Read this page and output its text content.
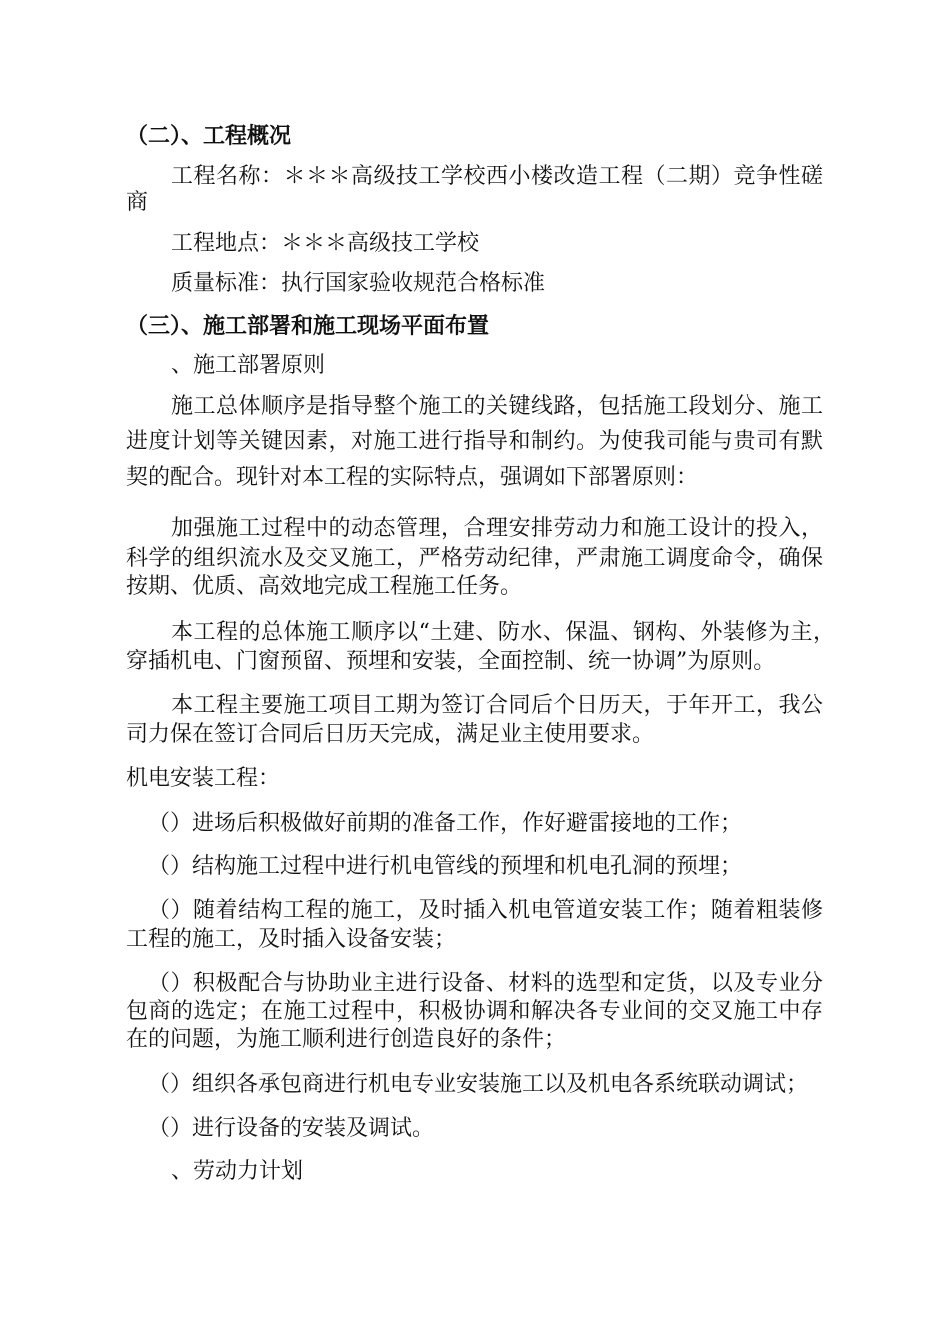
（二）、工程概况
工程名称：＊＊＊高级技工学校西小楼改造工程（二期）竞争性磋
商
工程地点：＊＊＊高级技工学校
质量标准：执行国家验收规范合格标准
（三）、施工部署和施工现场平面布置
、施工部署原则
施工总体顺序是指导整个施工的关键线路，包括施工段划分、施工
进度计划等关键因素，对施工进行指导和制约。为使我司能与贵司有默
契的配合。现针对本工程的实际特点，强调如下部署原则：
加强施工过程中的动态管理，合理安排劳动力和施工设计的投入，
科学的组织流水及交叉施工，严格劳动纪律，严肃施工调度命令，确保
按期、优质、高效地完成工程施工任务。
本工程的总体施工顺序以“土建、防水、保温、钢构、外装修为主，
穿插机电、门窗预留、预埋和安装，全面控制、统一协调”为原则。
本工程主要施工项目工期为签订合同后个日历天，于年开工，我公
司力保在签订合同后日历天完成，满足业主使用要求。
机电安装工程：
（）进场后积极做好前期的准备工作，作好避雷接地的工作；
（）结构施工过程中进行机电管线的预埋和机电孔洞的预埋；
（）随着结构工程的施工，及时插入机电管道安装工作；随着粗装修
工程的施工，及时插入设备安装；
（）积极配合与协助业主进行设备、材料的选型和定货，以及专业分
包商的选定；在施工过程中，积极协调和解决各专业间的交叉施工中存
在的问题，为施工顺利进行创造良好的条件；
（）组织各承包商进行机电专业安装施工以及机电各系统联动调试；
（）进行设备的安装及调试。
、劳动力计划
